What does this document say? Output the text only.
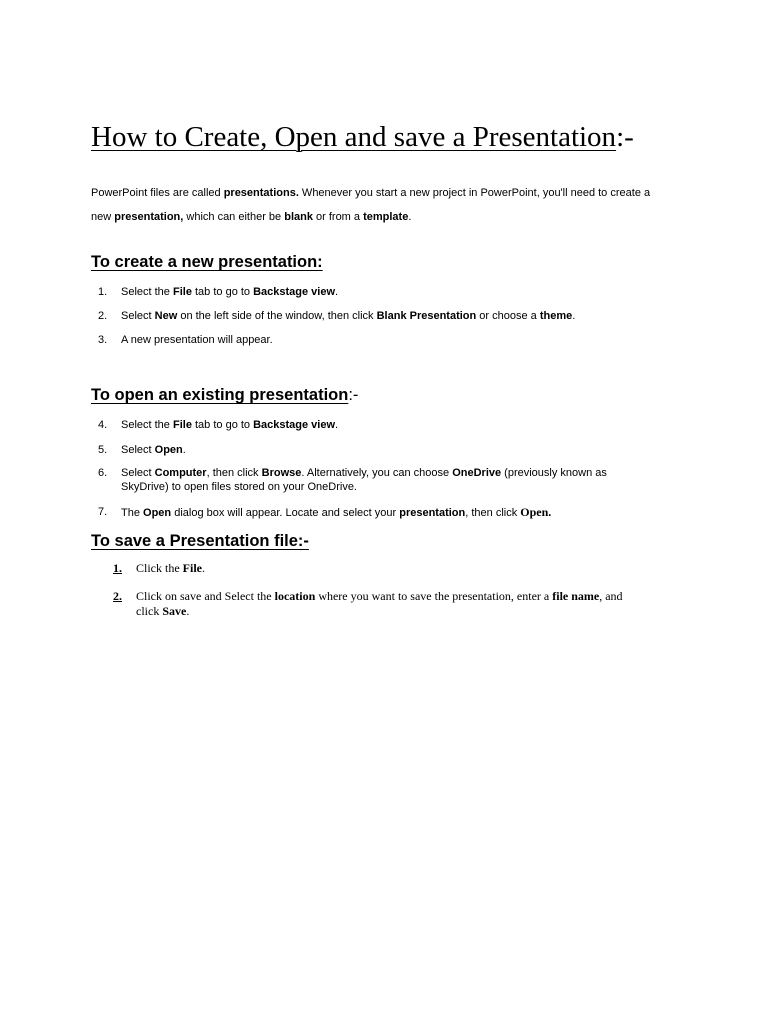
How to Create, Open and save a Presentation:-
PowerPoint files are called presentations. Whenever you start a new project in PowerPoint, you'll need to create a
new presentation, which can either be blank or from a template.
To create a new presentation:
1. Select the File tab to go to Backstage view.
2. Select New on the left side of the window, then click Blank Presentation or choose a theme.
3. A new presentation will appear.
To open an existing presentation:-
4. Select the File tab to go to Backstage view.
5. Select Open.
6. Select Computer, then click Browse. Alternatively, you can choose OneDrive (previously known as SkyDrive) to open files stored on your OneDrive.
7. The Open dialog box will appear. Locate and select your presentation, then click Open.
To save a Presentation file:-
1. Click the File.
2. Click on save and Select the location where you want to save the presentation, enter a file name, and click Save.
